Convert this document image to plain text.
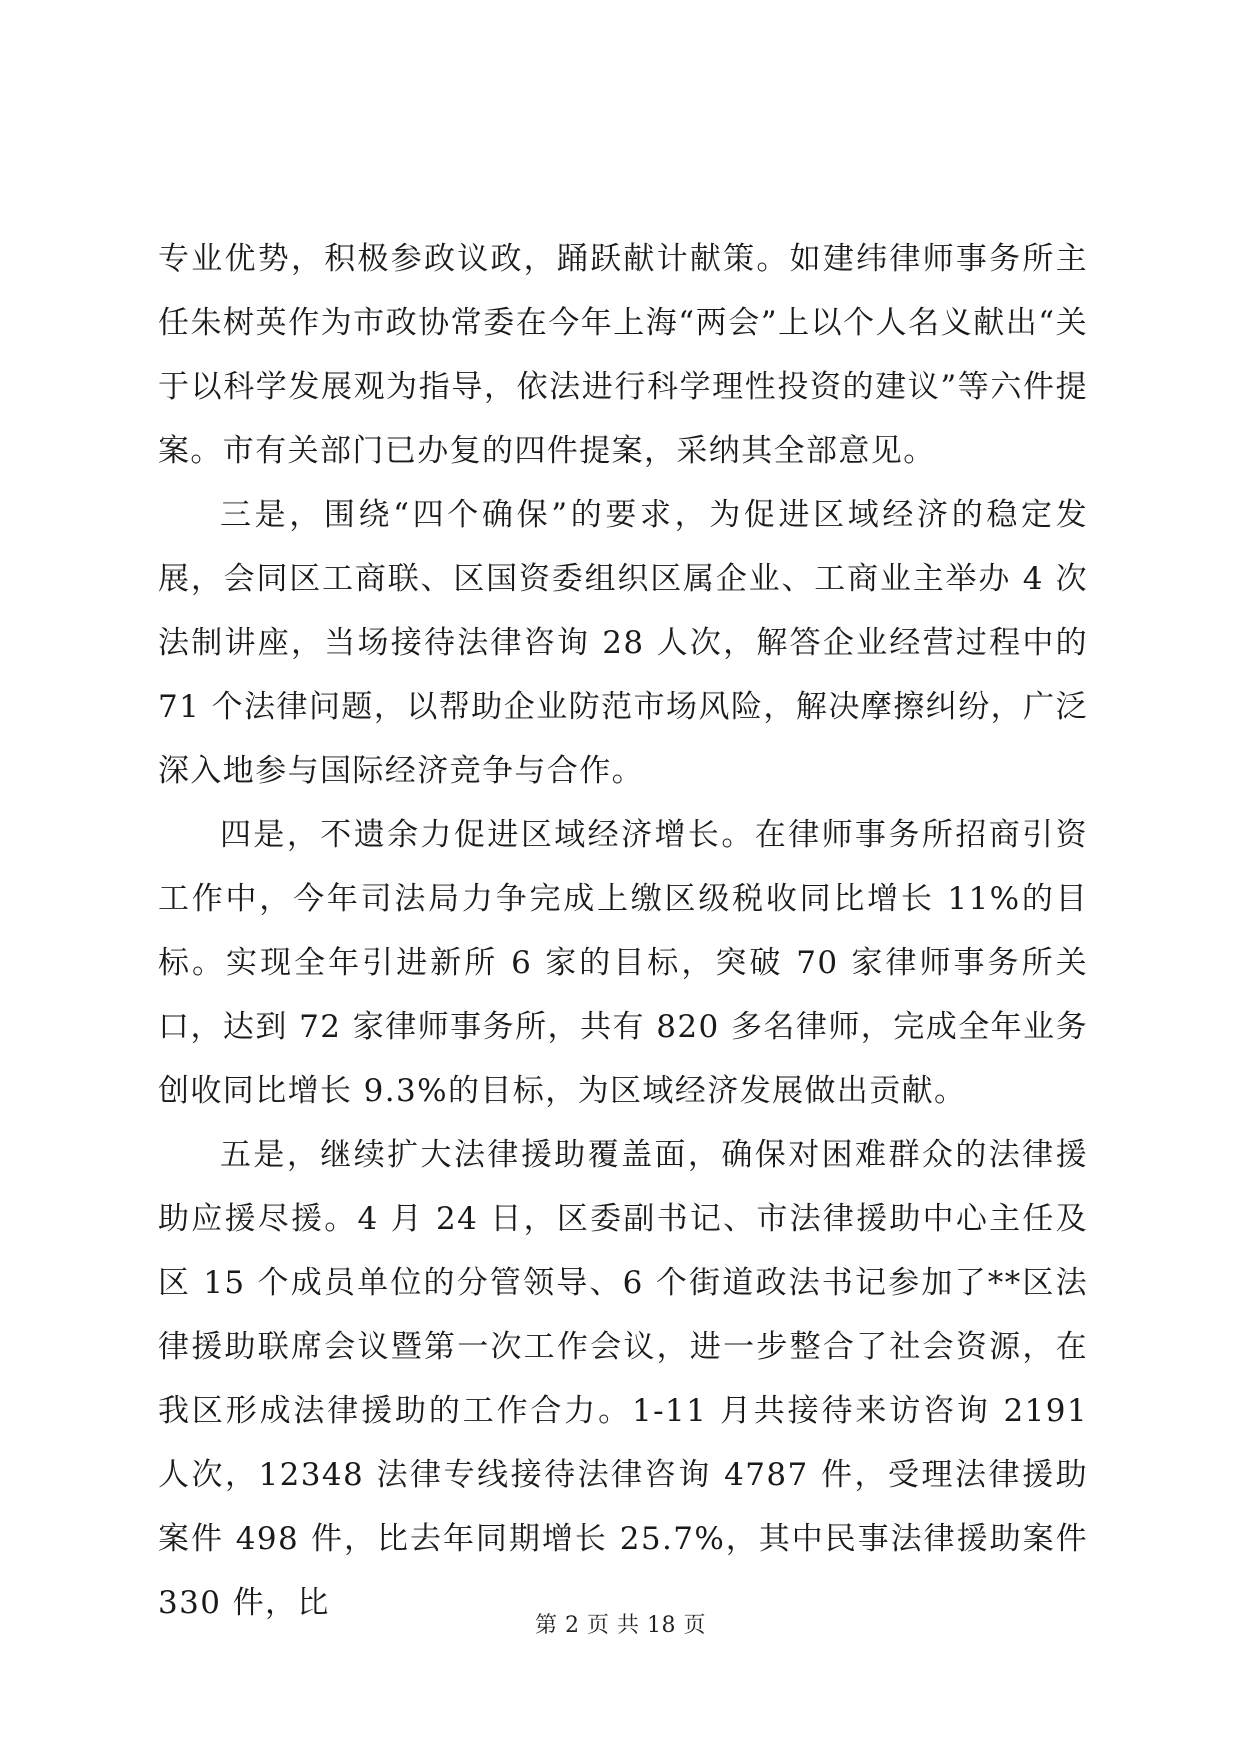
专业优势，积极参政议政，踊跃献计献策。如建纬律师事务所主任朱树英作为市政协常委在今年上海“两会”上以个人名义献出“关于以科学发展观为指导，依法进行科学理性投资的建议”等六件提案。市有关部门已办复的四件提案，采纳其全部意见。

三是，围绕“四个确保”的要求，为促进区域经济的稳定发展，会同区工商联、区国资委组织区属企业、工商业主举办 4 次法制讲座，当场接待法律咨询 28 人次，解答企业经营过程中的 71 个法律问题，以帮助企业防范市场风险，解决摩擦纠纷，广泛深入地参与国际经济竞争与合作。

四是，不遗余力促进区域经济增长。在律师事务所招商引资工作中，今年司法局力争完成上缴区级税收同比增长 11%的目标。实现全年引进新所 6 家的目标，突破 70 家律师事务所关口，达到 72 家律师事务所，共有 820 多名律师，完成全年业务创收同比增长 9.3%的目标，为区域经济发展做出贡献。

五是，继续扩大法律援助覆盖面，确保对困难群众的法律援助应援尽援。4 月 24 日，区委副书记、市法律援助中心主任及区 15 个成员单位的分管领导、6 个街道政法书记参加了**区法律援助联席会议暨第一次工作会议，进一步整合了社会资源，在我区形成法律援助的工作合力。1-11 月共接待来访咨询 2191 人次，12348 法律专线接待法律咨询 4787 件，受理法律援助案件 498 件，比去年同期增长 25.7%，其中民事法律援助案件 330 件，比

第 2 页 共 18 页
